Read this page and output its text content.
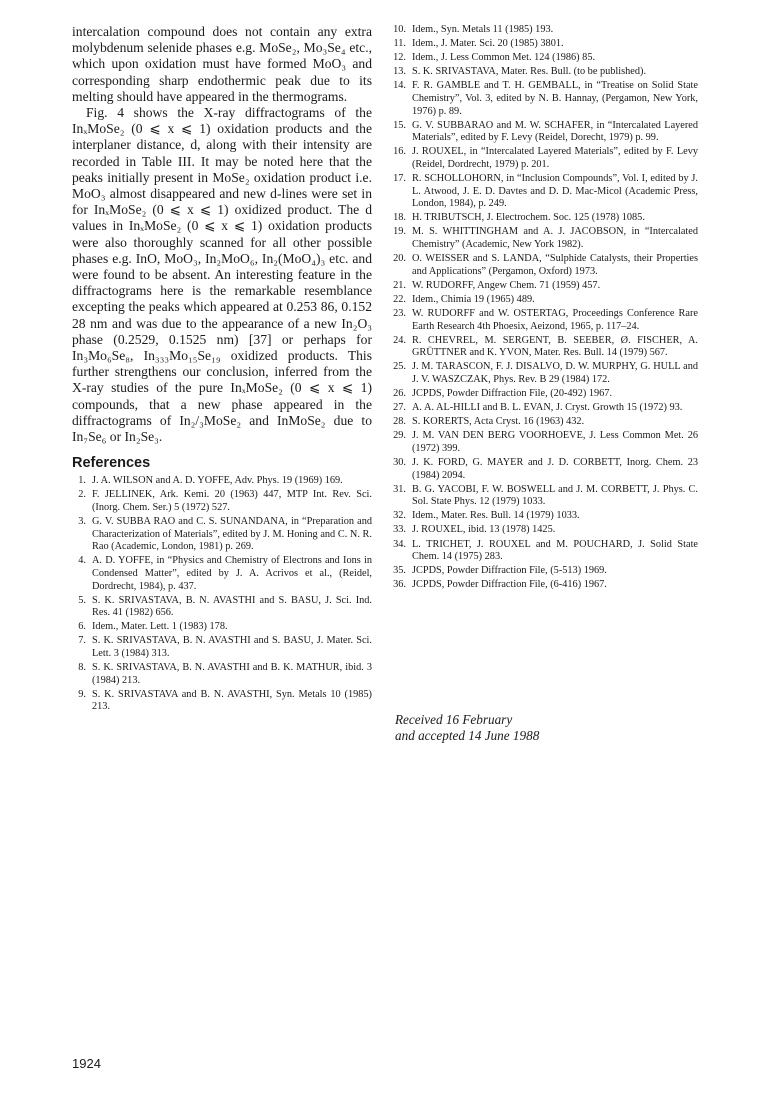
intercalation compound does not contain any extra molybdenum selenide phases e.g. MoSe₂, Mo₃Se₄ etc., which upon oxidation must have formed MoO₃ and corresponding sharp endothermic peak due to its melting should have appeared in the thermograms.

Fig. 4 shows the X-ray diffractograms of the InₓMoSe₂ (0 ⩽ x ⩽ 1) oxidation products and the interplaner distance, d, along with their intensity are recorded in Table III. It may be noted here that the peaks initially present in MoSe₂ oxidation product i.e. MoO₃ almost disappeared and new d-lines were set in for InₓMoSe₂ (0 ⩽ x ⩽ 1) oxidized product. The d values in InₓMoSe₂ (0 ⩽ x ⩽ 1) oxidation products were also thoroughly scanned for all other possible phases e.g. InO, MoO₃, In₂MoO₆, In₂(MoO₄)₃ etc. and were found to be absent. An interesting feature in the diffractograms here is the remarkable resemblance excepting the peaks which appeared at 0.253 86, 0.152 28 nm and was due to the appearance of a new In₂O₃ phase (0.2529, 0.1525 nm) [37] or perhaps for In₃Mo₆Se₈, In₃₃₃Mo₁₅Se₁₉ oxidized products. This further strengthens our conclusion, inferred from the X-ray studies of the pure InₓMoSe₂ (0 ⩽ x ⩽ 1) compounds, that a new phase appeared in the diffractograms of In₂/₃MoSe₂ and InMoSe₂ due to In₇Se₆ or In₂Se₃.

References
1. J. A. WILSON and A. D. YOFFE, Adv. Phys. 19 (1969) 169.
2. F. JELLINEK, Ark. Kemi. 20 (1963) 447, MTP Int. Rev. Sci. (Inorg. Chem. Ser.) 5 (1972) 527.
3. G. V. SUBBA RAO and C. S. SUNANDANA, in “Preparation and Characterization of Materials”, edited by J. M. Honing and C. N. R. Rao (Academic, London, 1981) p. 269.
4. A. D. YOFFE, in “Physics and Chemistry of Electrons and Ions in Condensed Matter”, edited by J. A. Acrivos et al., (Reidel, Dordrecht, 1984), p. 437.
5. S. K. SRIVASTAVA, B. N. AVASTHI and S. BASU, J. Sci. Ind. Res. 41 (1982) 656.
6. Idem., Mater. Lett. 1 (1983) 178.
7. S. K. SRIVASTAVA, B. N. AVASTHI and S. BASU, J. Mater. Sci. Lett. 3 (1984) 313.
8. S. K. SRIVASTAVA, B. N. AVASTHI and B. K. MATHUR, ibid. 3 (1984) 213.
9. S. K. SRIVASTAVA and B. N. AVASTHI, Syn. Metals 10 (1985) 213.
10. Idem., Syn. Metals 11 (1985) 193.
11. Idem., J. Mater. Sci. 20 (1985) 3801.
12. Idem., J. Less Common Met. 124 (1986) 85.
13. S. K. SRIVASTAVA, Mater. Res. Bull. (to be published).
14. F. R. GAMBLE and T. H. GEMBALL, in “Treatise on Solid State Chemistry”, Vol. 3, edited by N. B. Hannay, (Pergamon, New York, 1976) p. 89.
15. G. V. SUBBARAO and M. W. SCHAFER, in “Intercalated Layered Materials”, edited by F. Levy (Reidel, Dorecht, 1979) p. 99.
16. J. ROUXEL, in “Intercalated Layered Materials”, edited by F. Levy (Reidel, Dordrecht, 1979) p. 201.
17. R. SCHOLLOHORN, in “Inclusion Compounds”, Vol. I, edited by J. L. Atwood, J. E. D. Davtes and D. D. Mac-Micol (Academic Press, London, 1984), p. 249.
18. H. TRIBUTSCH, J. Electrochem. Soc. 125 (1978) 1085.
19. M. S. WHITTINGHAM and A. J. JACOBSON, in “Intercalated Chemistry” (Academic, New York 1982).
20. O. WEISSER and S. LANDA, “Sulphide Catalysts, their Properties and Applications” (Pergamon, Oxford) 1973.
21. W. RUDORFF, Angew Chem. 71 (1959) 457.
22. Idem., Chimia 19 (1965) 489.
23. W. RUDORFF and W. OSTERTAG, Proceedings Conference Rare Earth Research 4th Phoesix, Aeizond, 1965, p. 117–24.
24. R. CHEVREL, M. SERGENT, B. SEEBER, Ø. FISCHER, A. GRÜTTNER and K. YVON, Mater. Res. Bull. 14 (1979) 567.
25. J. M. TARASCON, F. J. DISALVO, D. W. MURPHY, G. HULL and J. V. WASZCZAK, Phys. Rev. B 29 (1984) 172.
26. JCPDS, Powder Diffraction File, (20-492) 1967.
27. A. A. AL-HILLI and B. L. EVAN, J. Cryst. Growth 15 (1972) 93.
28. S. KORERTS, Acta Cryst. 16 (1963) 432.
29. J. M. VAN DEN BERG VOORHOEVE, J. Less Common Met. 26 (1972) 399.
30. J. K. FORD, G. MAYER and J. D. CORBETT, Inorg. Chem. 23 (1984) 2094.
31. B. G. YACOBI, F. W. BOSWELL and J. M. CORBETT, J. Phys. C. Sol. State Phys. 12 (1979) 1033.
32. Idem., Mater. Res. Bull. 14 (1979) 1033.
33. J. ROUXEL, ibid. 13 (1978) 1425.
34. L. TRICHET, J. ROUXEL and M. POUCHARD, J. Solid State Chem. 14 (1975) 283.
35. JCPDS, Powder Diffraction File, (5-513) 1969.
36. JCPDS, Powder Diffraction File, (6-416) 1967.
Received 16 February
and accepted 14 June 1988
1924
